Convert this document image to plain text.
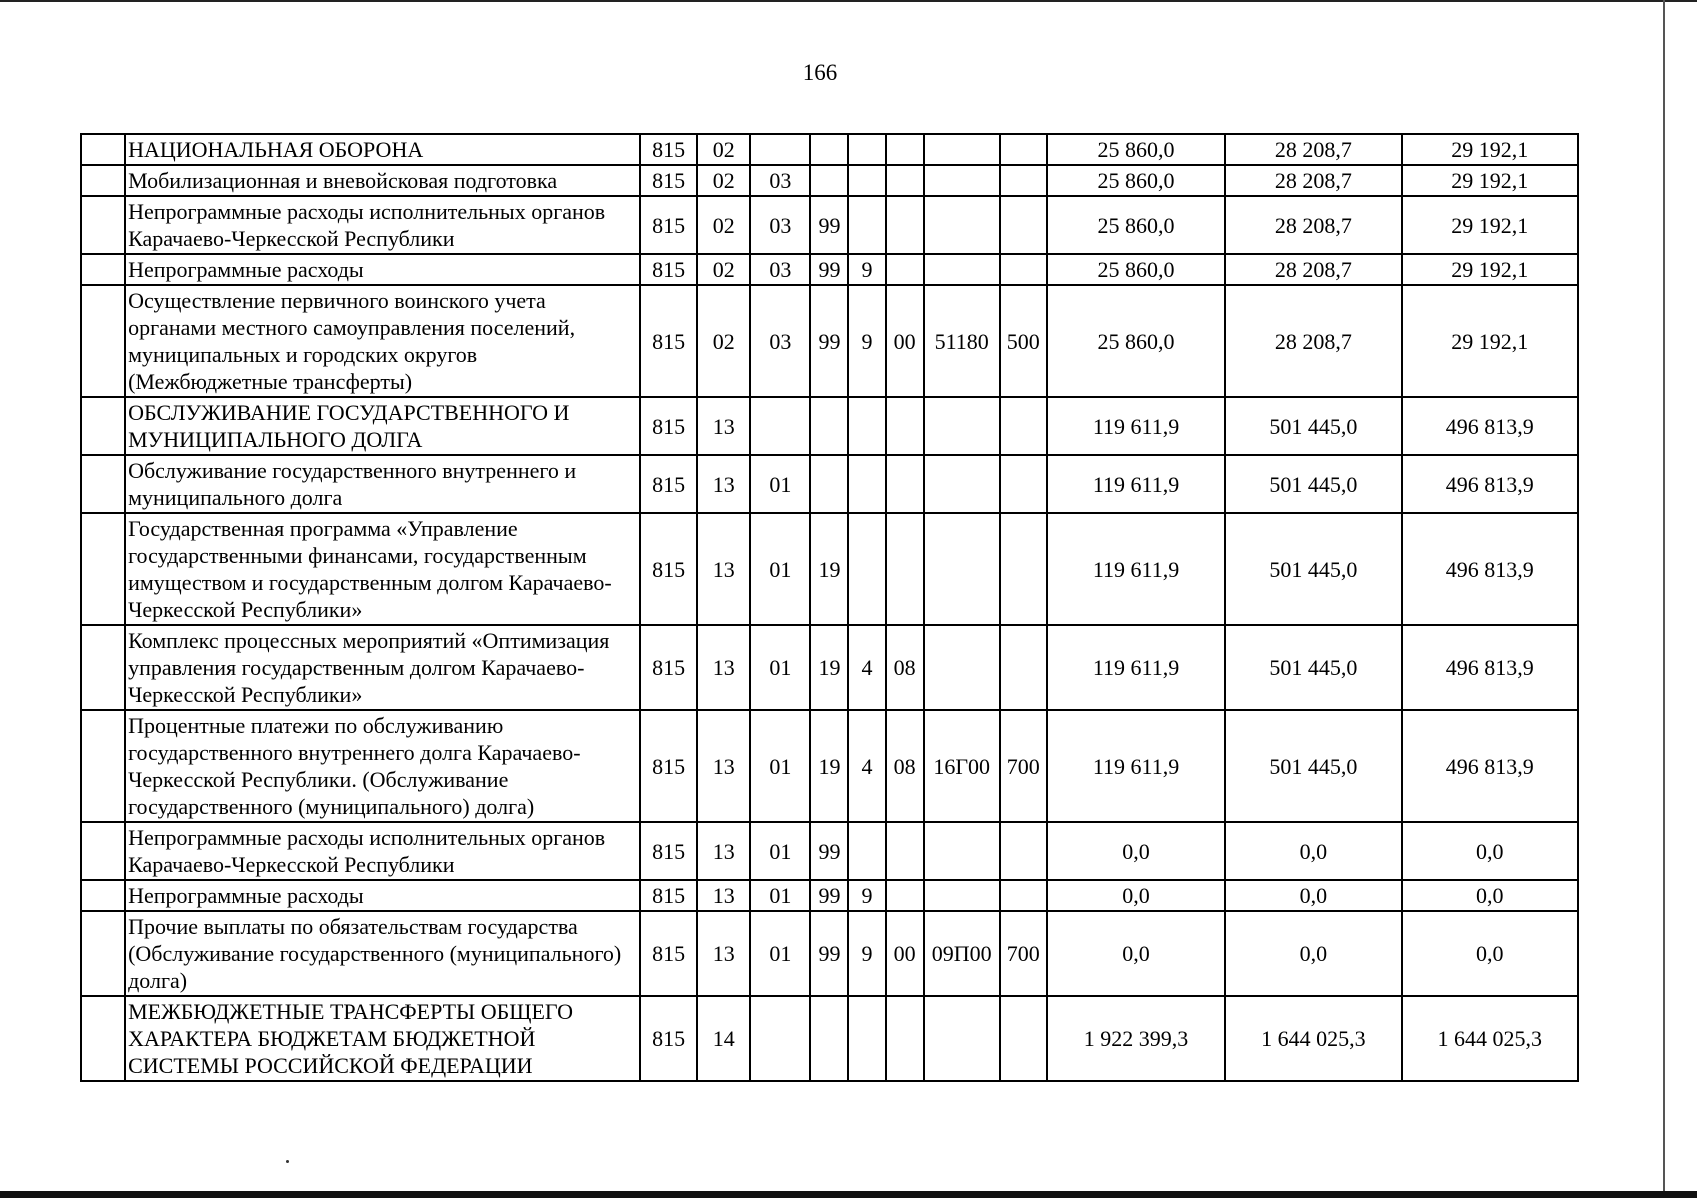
166
	НАЦИОНАЛЬНАЯ ОБОРОНА	815	02							25 860,0	28 208,7	29 192,1
	Мобилизационная и вневойсковая подготовка	815	02	03						25 860,0	28 208,7	29 192,1
	Непрограммные расходы исполнительных органов Карачаево-Черкесской Республики	815	02	03	99					25 860,0	28 208,7	29 192,1
	Непрограммные расходы	815	02	03	99	9				25 860,0	28 208,7	29 192,1
	Осуществление первичного воинского учета органами местного самоуправления поселений, муниципальных и городских округов (Межбюджетные трансферты)	815	02	03	99	9	00	51180	500	25 860,0	28 208,7	29 192,1
	ОБСЛУЖИВАНИЕ ГОСУДАРСТВЕННОГО И МУНИЦИПАЛЬНОГО ДОЛГА	815	13							119 611,9	501 445,0	496 813,9
	Обслуживание государственного внутреннего и муниципального долга	815	13	01						119 611,9	501 445,0	496 813,9
	Государственная программа «Управление государственными финансами, государственным имуществом и государственным долгом Карачаево-Черкесской Республики»	815	13	01	19					119 611,9	501 445,0	496 813,9
	Комплекс процессных мероприятий «Оптимизация управления государственным долгом Карачаево-Черкесской Республики»	815	13	01	19	4	08			119 611,9	501 445,0	496 813,9
	Процентные платежи по обслуживанию государственного внутреннего долга Карачаево-Черкесской Республики. (Обслуживание государственного (муниципального) долга)	815	13	01	19	4	08	16Г00	700	119 611,9	501 445,0	496 813,9
	Непрограммные расходы исполнительных органов Карачаево-Черкесской Республики	815	13	01	99					0,0	0,0	0,0
	Непрограммные расходы	815	13	01	99	9				0,0	0,0	0,0
	Прочие выплаты по обязательствам государства (Обслуживание государственного (муниципального) долга)	815	13	01	99	9	00	09П00	700	0,0	0,0	0,0
	МЕЖБЮДЖЕТНЫЕ ТРАНСФЕРТЫ ОБЩЕГО ХАРАКТЕРА БЮДЖЕТАМ БЮДЖЕТНОЙ СИСТЕМЫ РОССИЙСКОЙ ФЕДЕРАЦИИ	815	14							1 922 399,3	1 644 025,3	1 644 025,3
